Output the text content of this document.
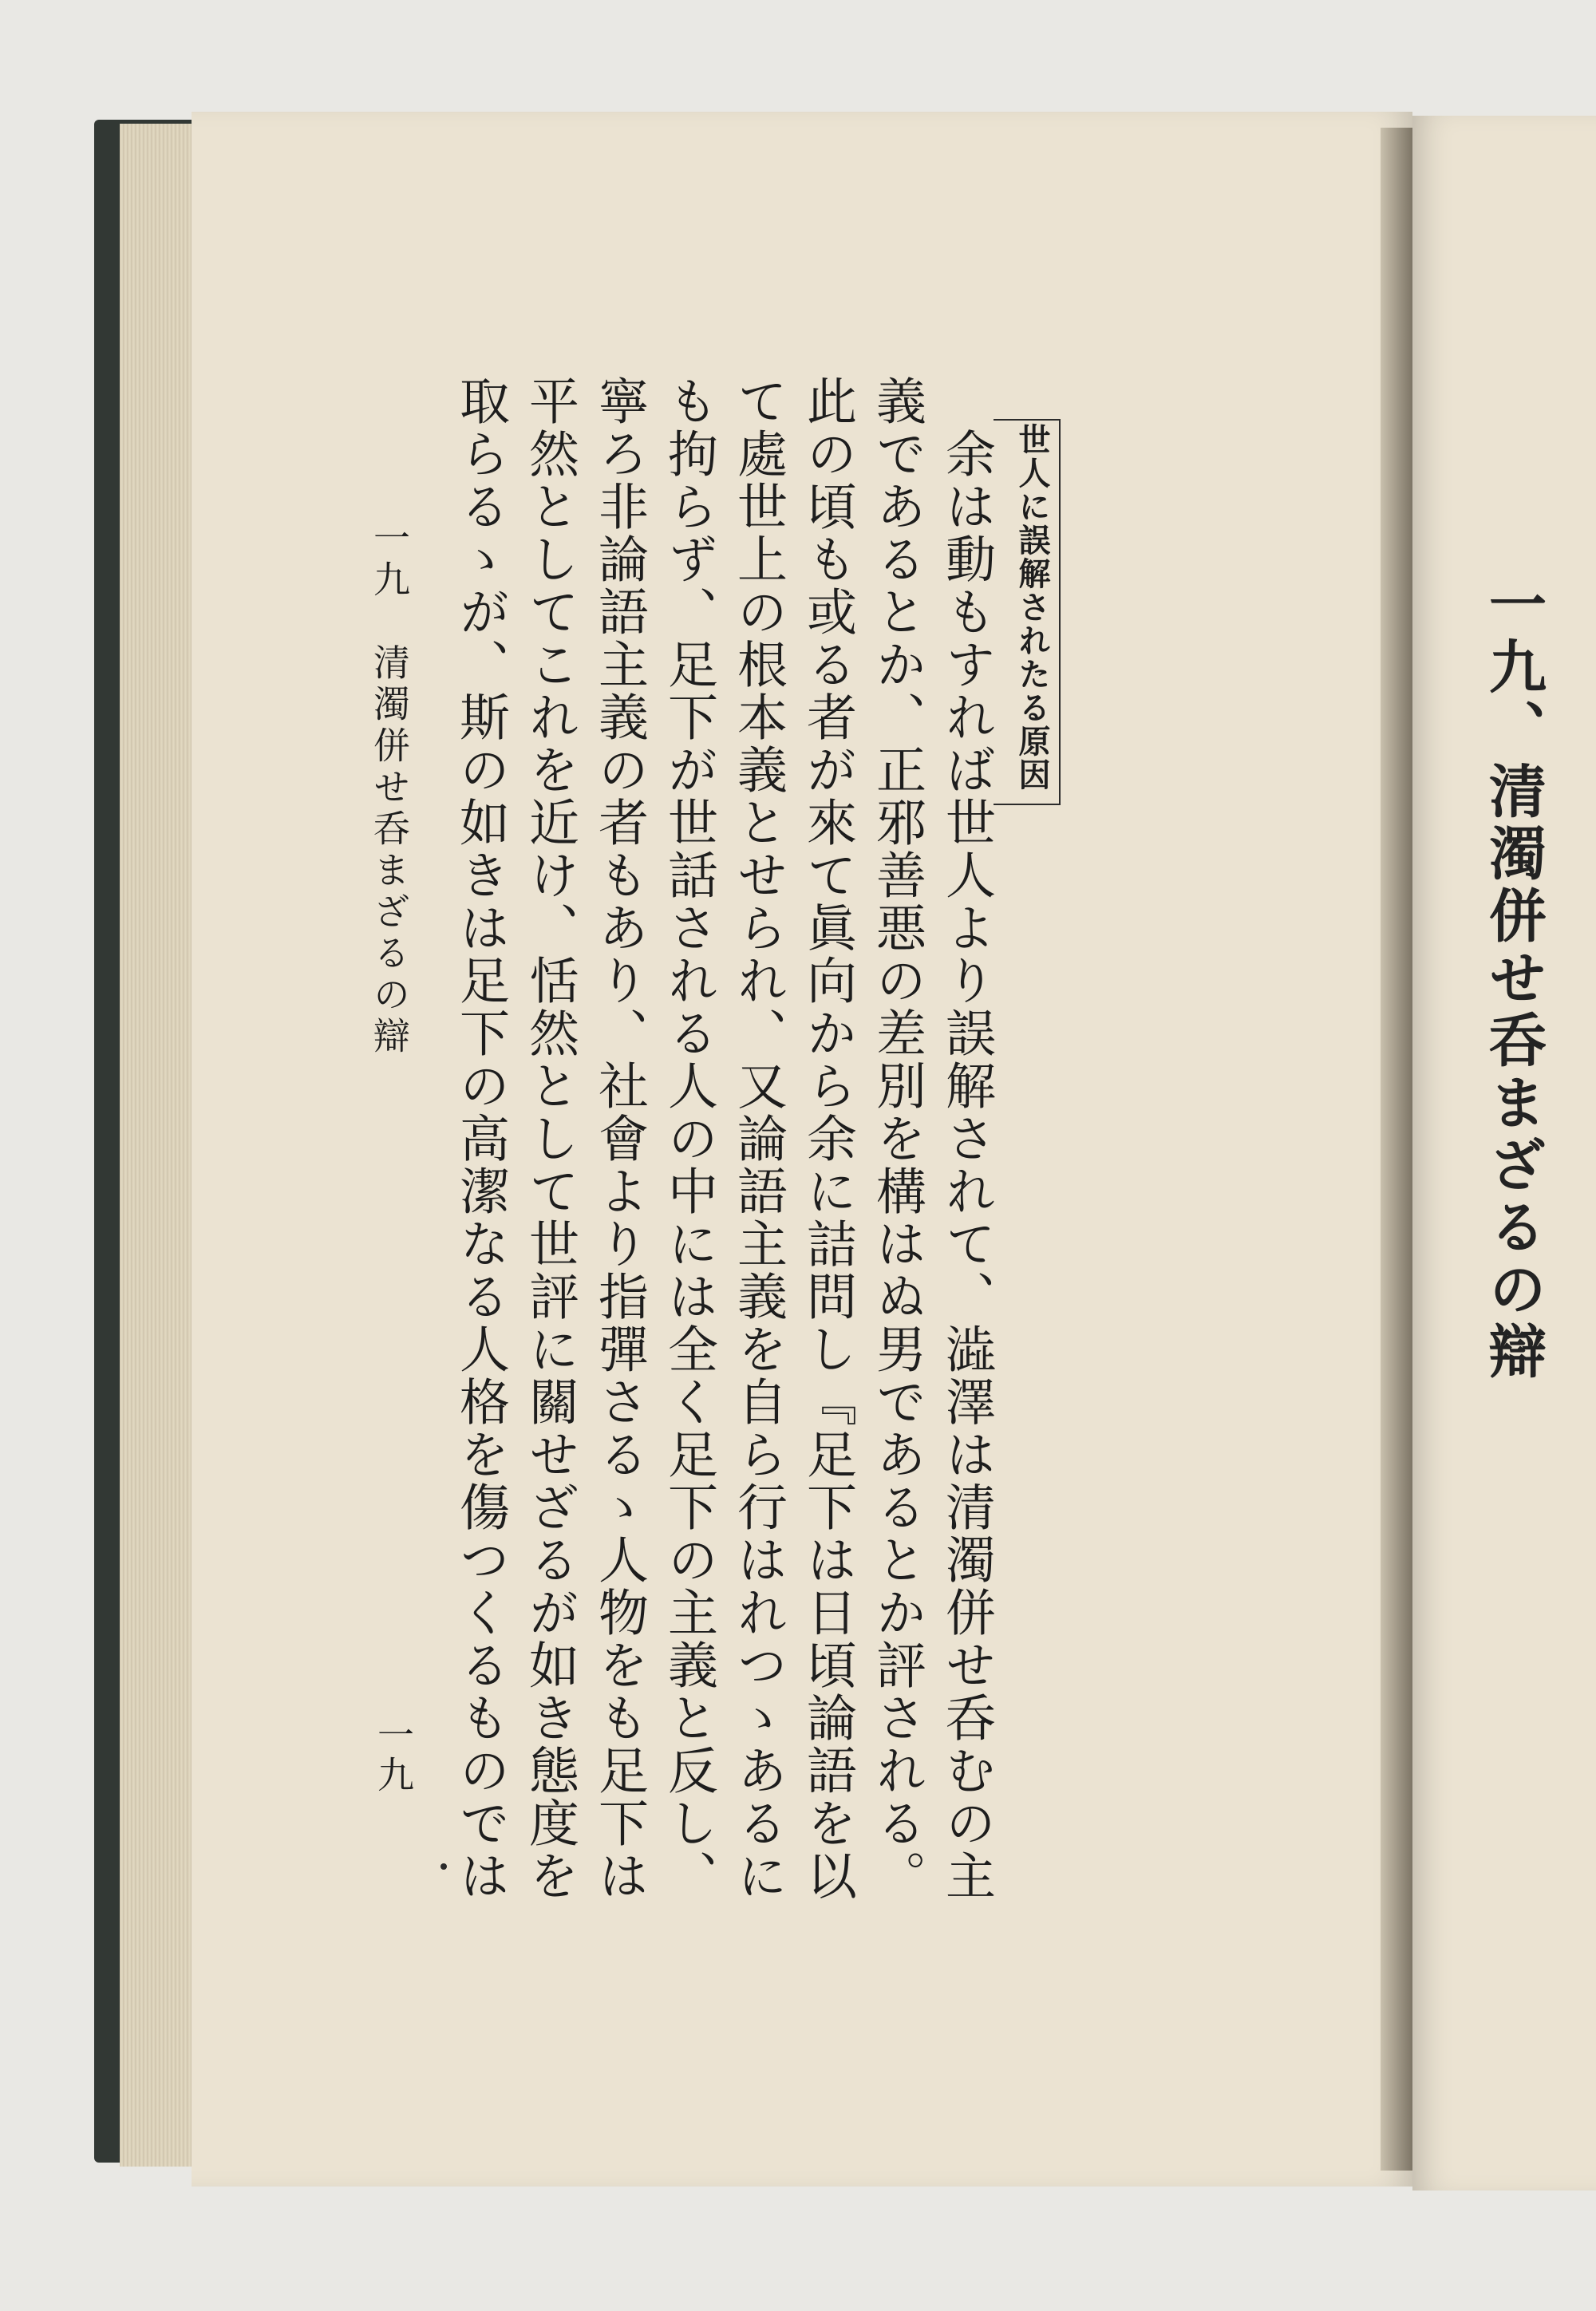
一九、清濁併せ呑まざるの辯
世人に誤解されたる原因
　余は動もすれば世人より誤解されて、澁澤は清濁併せ呑むの主義であるとか、正邪善悪の差別を構はぬ男であるとか評される。此の頃も或る者が來て眞向から余に詰問し『足下は日頃論語を以て處世上の根本義とせられ、又論語主義を自ら行はれつゝあるにも拘らず、足下が世話される人の中には全く足下の主義と反し、寧ろ非論語主義の者もあり、社會より指彈さるゝ人物をも足下は平然としてこれを近け、恬然として世評に關せざるが如き態度を取らるゝが、斯の如きは足下の高潔なる人格を傷つくるものでは

一九　清濁併せ呑まざるの辯
一九
